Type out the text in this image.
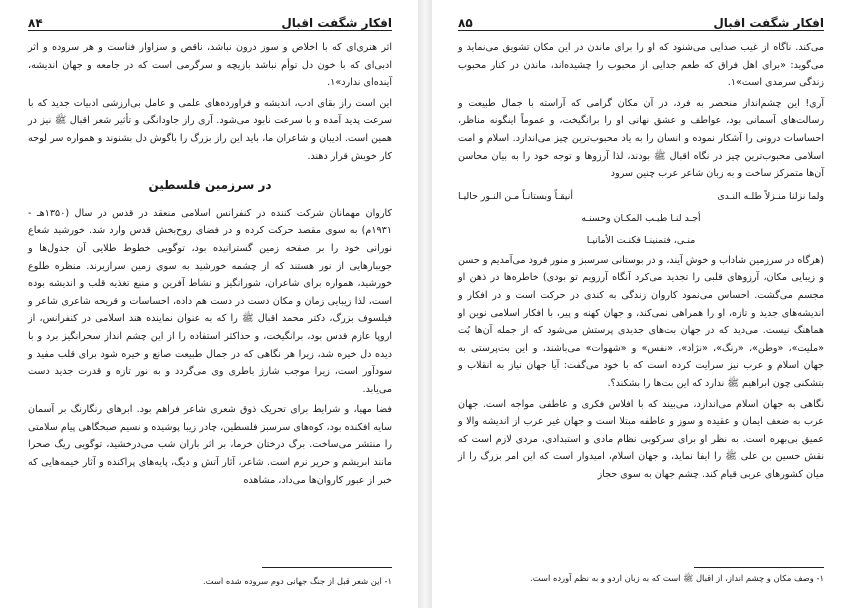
افکار شگفت اقبال
۸۴

اثر هنری‌ای که با اخلاص و سوز درون نباشد، ناقص و سزاوار فناست و هر سروده و اثر ادبی‌ای که با خون دل توأم نباشد بازیچه و سرگرمی است که در جامعه و جهان اندیشه، آینده‌ای ندارد»۱.

این است راز بقای ادب، اندیشه و فراورده‌های علمی و عامل بی‌ارزشی ادبیات جدید که با سرعت پدید آمده و با سرعت نابود می‌شود. آری راز جاودانگی و تأثیر شعر اقبال ﷺ نیز در همین است. ادیبان و شاعران ما، باید این راز بزرگ را باگوش دل بشنوند و همواره سر لوحه کار خویش قرار دهند.

در سرزمین فلسطین

کاروان مهمانان شرکت کننده در کنفرانس اسلامی منعقد در قدس در سال (۱۳۵۰هـ - ۱۹۳۱م) به سوی مقصد حرکت کرده و در فضای روح‌بخش قدس وارد شد. خورشید شعاع نورانی خود را بر صفحه زمین گسترانیده بود، توگویی خطوط طلایی آن جدول‌ها و جویبارهایی از نور هستند که از چشمه خورشید به سوی زمین سرازیرند. منظره طلوع خورشید، همواره برای شاعران، شورانگیز و نشاط آفرین و منبع تغذیه قلب و اندیشه بوده است، لذا زیبایی زمان و مکان دست در دست هم داده، احساسات و قریحه شاعری شاعر و فیلسوف بزرگ، دکتر محمد اقبال ﷺ را که به عنوان نماینده هند اسلامی در کنفرانس، از اروپا عازم قدس بود، برانگیخت، و حداکثر استفاده را از این چشم انداز سحرانگیز برد و با دیده دل خیره شد، زیرا هر نگاهی که در جمال طبیعت صانع و خیره شود برای قلب مفید و سودآور است، زیرا موجب شارژ باطری وی می‌گردد و به نور تازه و قدرت جدید دست می‌یابد.

فضا مهیا، و شرایط برای تحریک ذوق شعری شاعر فراهم بود. ابرهای رنگارنگ بر آسمان سایه افکنده بود، کوه‌های سرسبز فلسطین، چادر زیبا پوشیده و نسیم صبحگاهی پیام سلامتی را منتشر می‌ساخت. برگ درختان خرما، بر اثر باران شب می‌درخشید، توگویی ریگ صحرا مانند ابریشم و حریر نرم است. شاعر، آثار آتش و دیگ، پایه‌های پراکنده و آثار خیمه‌هایی که خبر از عبور کاروان‌ها می‌داد، مشاهده

۱- این شعر قبل از جنگ جهانی دوم سروده شده است.
افکار شگفت اقبال
۸۵

می‌کند. ناگاه از غیب صدایی می‌شنود که او را برای ماندن در این مکان تشویق می‌نماید و می‌گوید: «برای اهل فراق که طعم جدایی از محبوب را چشیده‌اند، ماندن در کنار محبوب زندگی سرمدی است»۱.

آری! این چشم‌انداز منحصر به فرد، در آن مکان گرامی که آراسته با جمال طبیعت و رسالت‌های آسمانی بود، عواطف و عشق نهانی او را برانگیخت، و عموماً اینگونه مناظر، احساسات درونی را آشکار نموده و انسان را به یاد محبوب‌ترین چیز می‌اندازد. اسلام و امت اسلامی محبوب‌ترین چیز در نگاه اقبال ﷺ بودند، لذا آرزوها و توجه خود را به بیان محاسن آن‌ها متمرکز ساخت و به زبان شاعر عرب چنین سرود

ولما نزلنا منـزلاً طلـه النـدى
أنيقـاً وبستانـاً مـن النـور حاليـا
أجـد لنـا طيـب المكـان وحسنـه
منـى، فتمنينـا فكنـت الأمانيـا

(هرگاه در سرزمین شاداب و خوش آیند، و در بوستانی سرسبز و منور فرود می‌آمدیم و حسن و زیبایی مکان، آرزوهای قلبی را تجدید می‌کرد آنگاه آرزویم تو بودی) خاطره‌ها در ذهن او مجسم می‌گشت. احساس می‌نمود کاروان زندگی به کندی در حرکت است و در افکار و اندیشه‌های جدید و تازه، او را همراهی نمی‌کند، و جهان کهنه و پیر، با افکار اسلامی نوین او هماهنگ نیست. می‌دید که در جهان بت‌های جدیدی پرستش می‌شود که از جمله آن‌ها بُت «ملیت»، «وطن»، «رنگ»، «نژاد»، «نفس» و «شهوات» می‌باشند، و این بت‌پرستی به جهان اسلام و عرب نیز سرایت کرده است که با خود می‌گفت: آیا جهان نیاز به انقلاب و بتشکنی چون ابراهیم ﷺ ندارد که این بت‌ها را بشکند؟.

نگاهی به جهان اسلام می‌اندازد، می‌بیند که با افلاس فکری و عاطفی مواجه است. جهان عرب به ضعف ایمان و عقیده و سوز و عاطفه مبتلا است و جهان غیر عرب از اندیشه والا و عمیق بی‌بهره است. به نظر او برای سرکوبی نظام مادی و استبدادی، مردی لازم است که نقش حسین بن علی ﷺ را ایفا نماید، و جهان اسلام، امیدوار است که این امر بزرگ را از میان کشورهای عربی قیام کند. چشم جهان به سوی حجاز

۱- وصف مکان و چشم انداز، از اقبال ﷺ است که به زبان اردو و به نظم آورده است.
